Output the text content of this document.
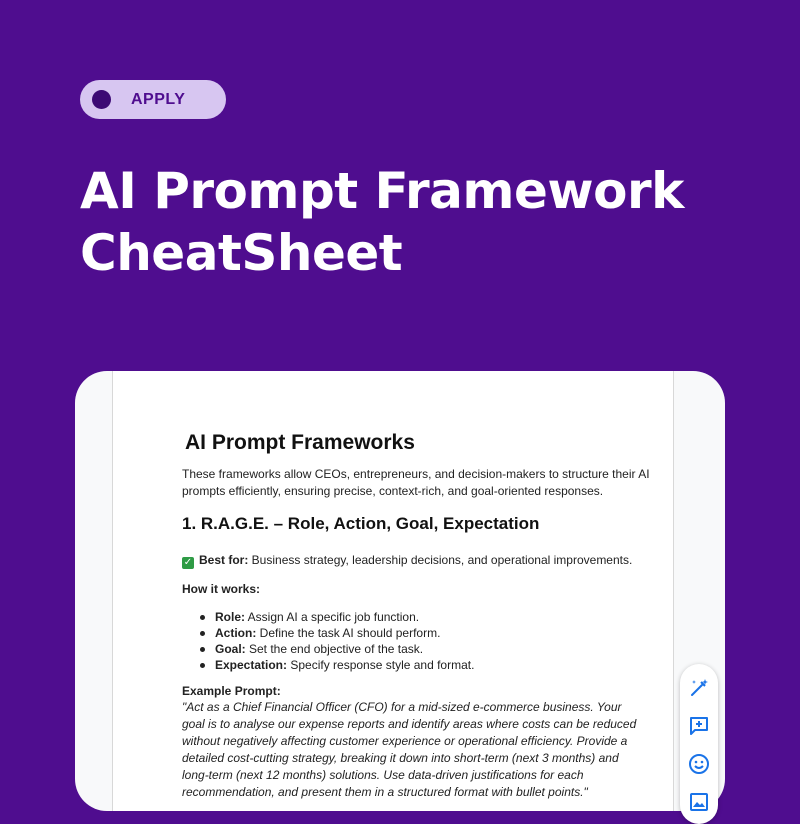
APPLY
AI Prompt Framework CheatSheet
AI Prompt Frameworks

These frameworks allow CEOs, entrepreneurs, and decision-makers to structure their AI prompts efficiently, ensuring precise, context-rich, and goal-oriented responses.

1. R.A.G.E. – Role, Action, Goal, Expectation

✓ Best for: Business strategy, leadership decisions, and operational improvements.

How it works:

Role: Assign AI a specific job function.
Action: Define the task AI should perform.
Goal: Set the end objective of the task.
Expectation: Specify response style and format.

Example Prompt:

"Act as a Chief Financial Officer (CFO) for a mid-sized e-commerce business. Your goal is to analyse our expense reports and identify areas where costs can be reduced without negatively affecting customer experience or operational efficiency. Provide a detailed cost-cutting strategy, breaking it down into short-term (next 3 months) and long-term (next 12 months) solutions. Use data-driven justifications for each recommendation, and present them in a structured format with bullet points."
